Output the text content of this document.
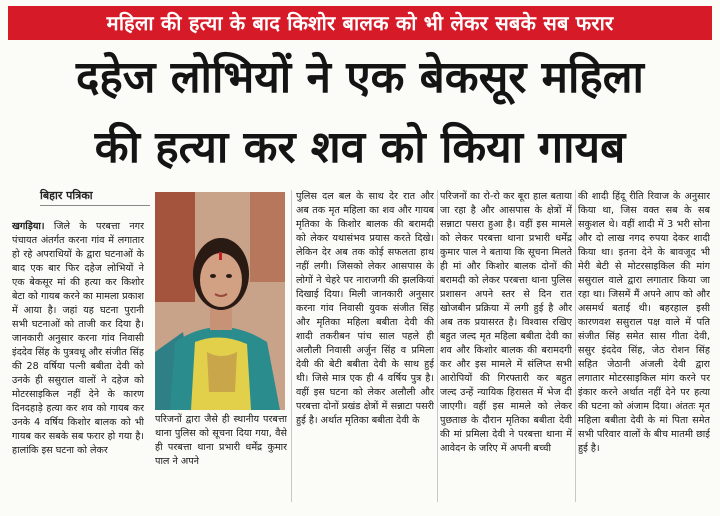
महिला की हत्या के बाद किशोर बालक को भी लेकर सबके सब फरार
दहेज लोभियों ने एक बेकसूर महिला
की हत्या कर शव को किया गायब
बिहार पत्रिका

खगड़िया। जिले के परबत्ता नगर पंचायत अंतर्गत करना गांव में लगातार हो रहे अपराधियों के द्वारा घटनाओं के बाद एक बार फिर दहेज लोभियों ने एक बेकसूर मां की हत्या कर किशोर बेटा को गायब करने का मामला प्रकाश में आया है। जहां यह घटना पुरानी सभी घटनाओं को ताजी कर दिया है। जानकारी अनुसार करना गांव निवासी इंददेव सिंह के पुत्रवधू और संजीत सिंह की 28 वर्षिया पत्नी बबीता देवी को उनके ही ससुराल वालों ने दहेज को मोटरसाइकिल नहीं देने के कारण दिनदहाड़े हत्या कर शव को गायब कर उनके 4 वर्षिय किशोर बालक को भी गायब कर सबके सब फरार हो गया है। हालांकि इस घटना को लेकर

परिजनों द्वारा जैसे ही स्थानीय परबत्ता थाना पुलिस को सूचना दिया गया, वैसे ही परबत्ता थाना प्रभारी धर्मेंद्र कुमार पाल ने अपने

पुलिस दल बल के साथ देर रात और अब तक मृत महिला का शव और गायब मृतिका के किशोर बालक की बरामदी को लेकर यथासंभव प्रयास करते दिखे। लेकिन देर अब तक कोई सफलता हाथ नहीं लगी। जिसको लेकर आसपास के लोगों ने चेहरे पर नाराजगी की झलकियां दिखाई दिया। मिली जानकारी अनुसार करना गांव निवासी युवक संजीत सिंह और मृतिका महिला बबीता देवी की शादी तकरीबन पांच साल पहले ही अलौली निवासी अर्जुन सिंह व प्रमिला देवी की बेटी बबीता देवी के साथ हुई थी। जिसे मात्र एक ही 4 वर्षिय पुत्र है। वहीं इस घटना को लेकर अलौली और परबत्ता दोनों प्रखंड क्षेत्रों में सन्नाटा पसरी हुई है। अर्थात मृतिका बबीता देवी के

परिजनों का रो-रो कर बूरा हाल बताया जा रहा है और आसपास के क्षेत्रों में सन्नाटा पसरा हुआ है। वहीं इस मामले को लेकर परबत्ता थाना प्रभारी धर्मेंद्र कुमार पाल ने बताया कि सूचना मिलते ही मां और किशोर बालक दोनों की बरामदी को लेकर परबत्ता थाना पुलिस प्रशासन अपने स्तर से दिन रात खोजबीन प्रक्रिया में लगी हुई है और अब तक प्रयासरत है। विश्वास रखिए बहुत जल्द मृत महिला बबीता देवी का शव और किशोर बालक की बरामदगी कर और इस मामले में संलिप्त सभी आरोपियों की गिरफ्तारी कर बहुत जल्द उन्हें न्यायिक हिरासत में भेज दी जाएगी। वहीं इस मामले को लेकर पुछताछ के दौरान मृतिका बबीता देवी की मां प्रमिला देवी ने परबत्ता थाना में आवेदन के जरिए में अपनी बच्ची

की शादी हिंदू रीति रिवाज के अनुसार किया था, जिस वक्त सब के सब सकुशल थे। वहीं शादी में 3 भरी सोना और दो लाख नगद रुपया देकर शादी किया था। इतना देने के बावजूद भी मेरी बेटी से मोटरसाइकिल की मांग ससुराल वाले द्वारा लगातार किया जा रहा था। जिसमें मैं अपने आप को और असमर्थ बताई थी। बहरहाल इसी कारणवश ससुराल पक्ष वाले में पति संजीत सिंह समेत सास गीता देवी, ससुर इंददेव सिंह, जेठ रोशन सिंह सहित जेठानी अंजली देवी द्वारा लगातार मोटरसाइकिल मांग करने पर इंकार करने अर्थात नहीं देने पर हत्या की घटना को अंजाम दिया। अंततः मृत महिला बबीता देवी के मां पिता समेत सभी परिवार वालों के बीच मातमी छाई हुई है।
